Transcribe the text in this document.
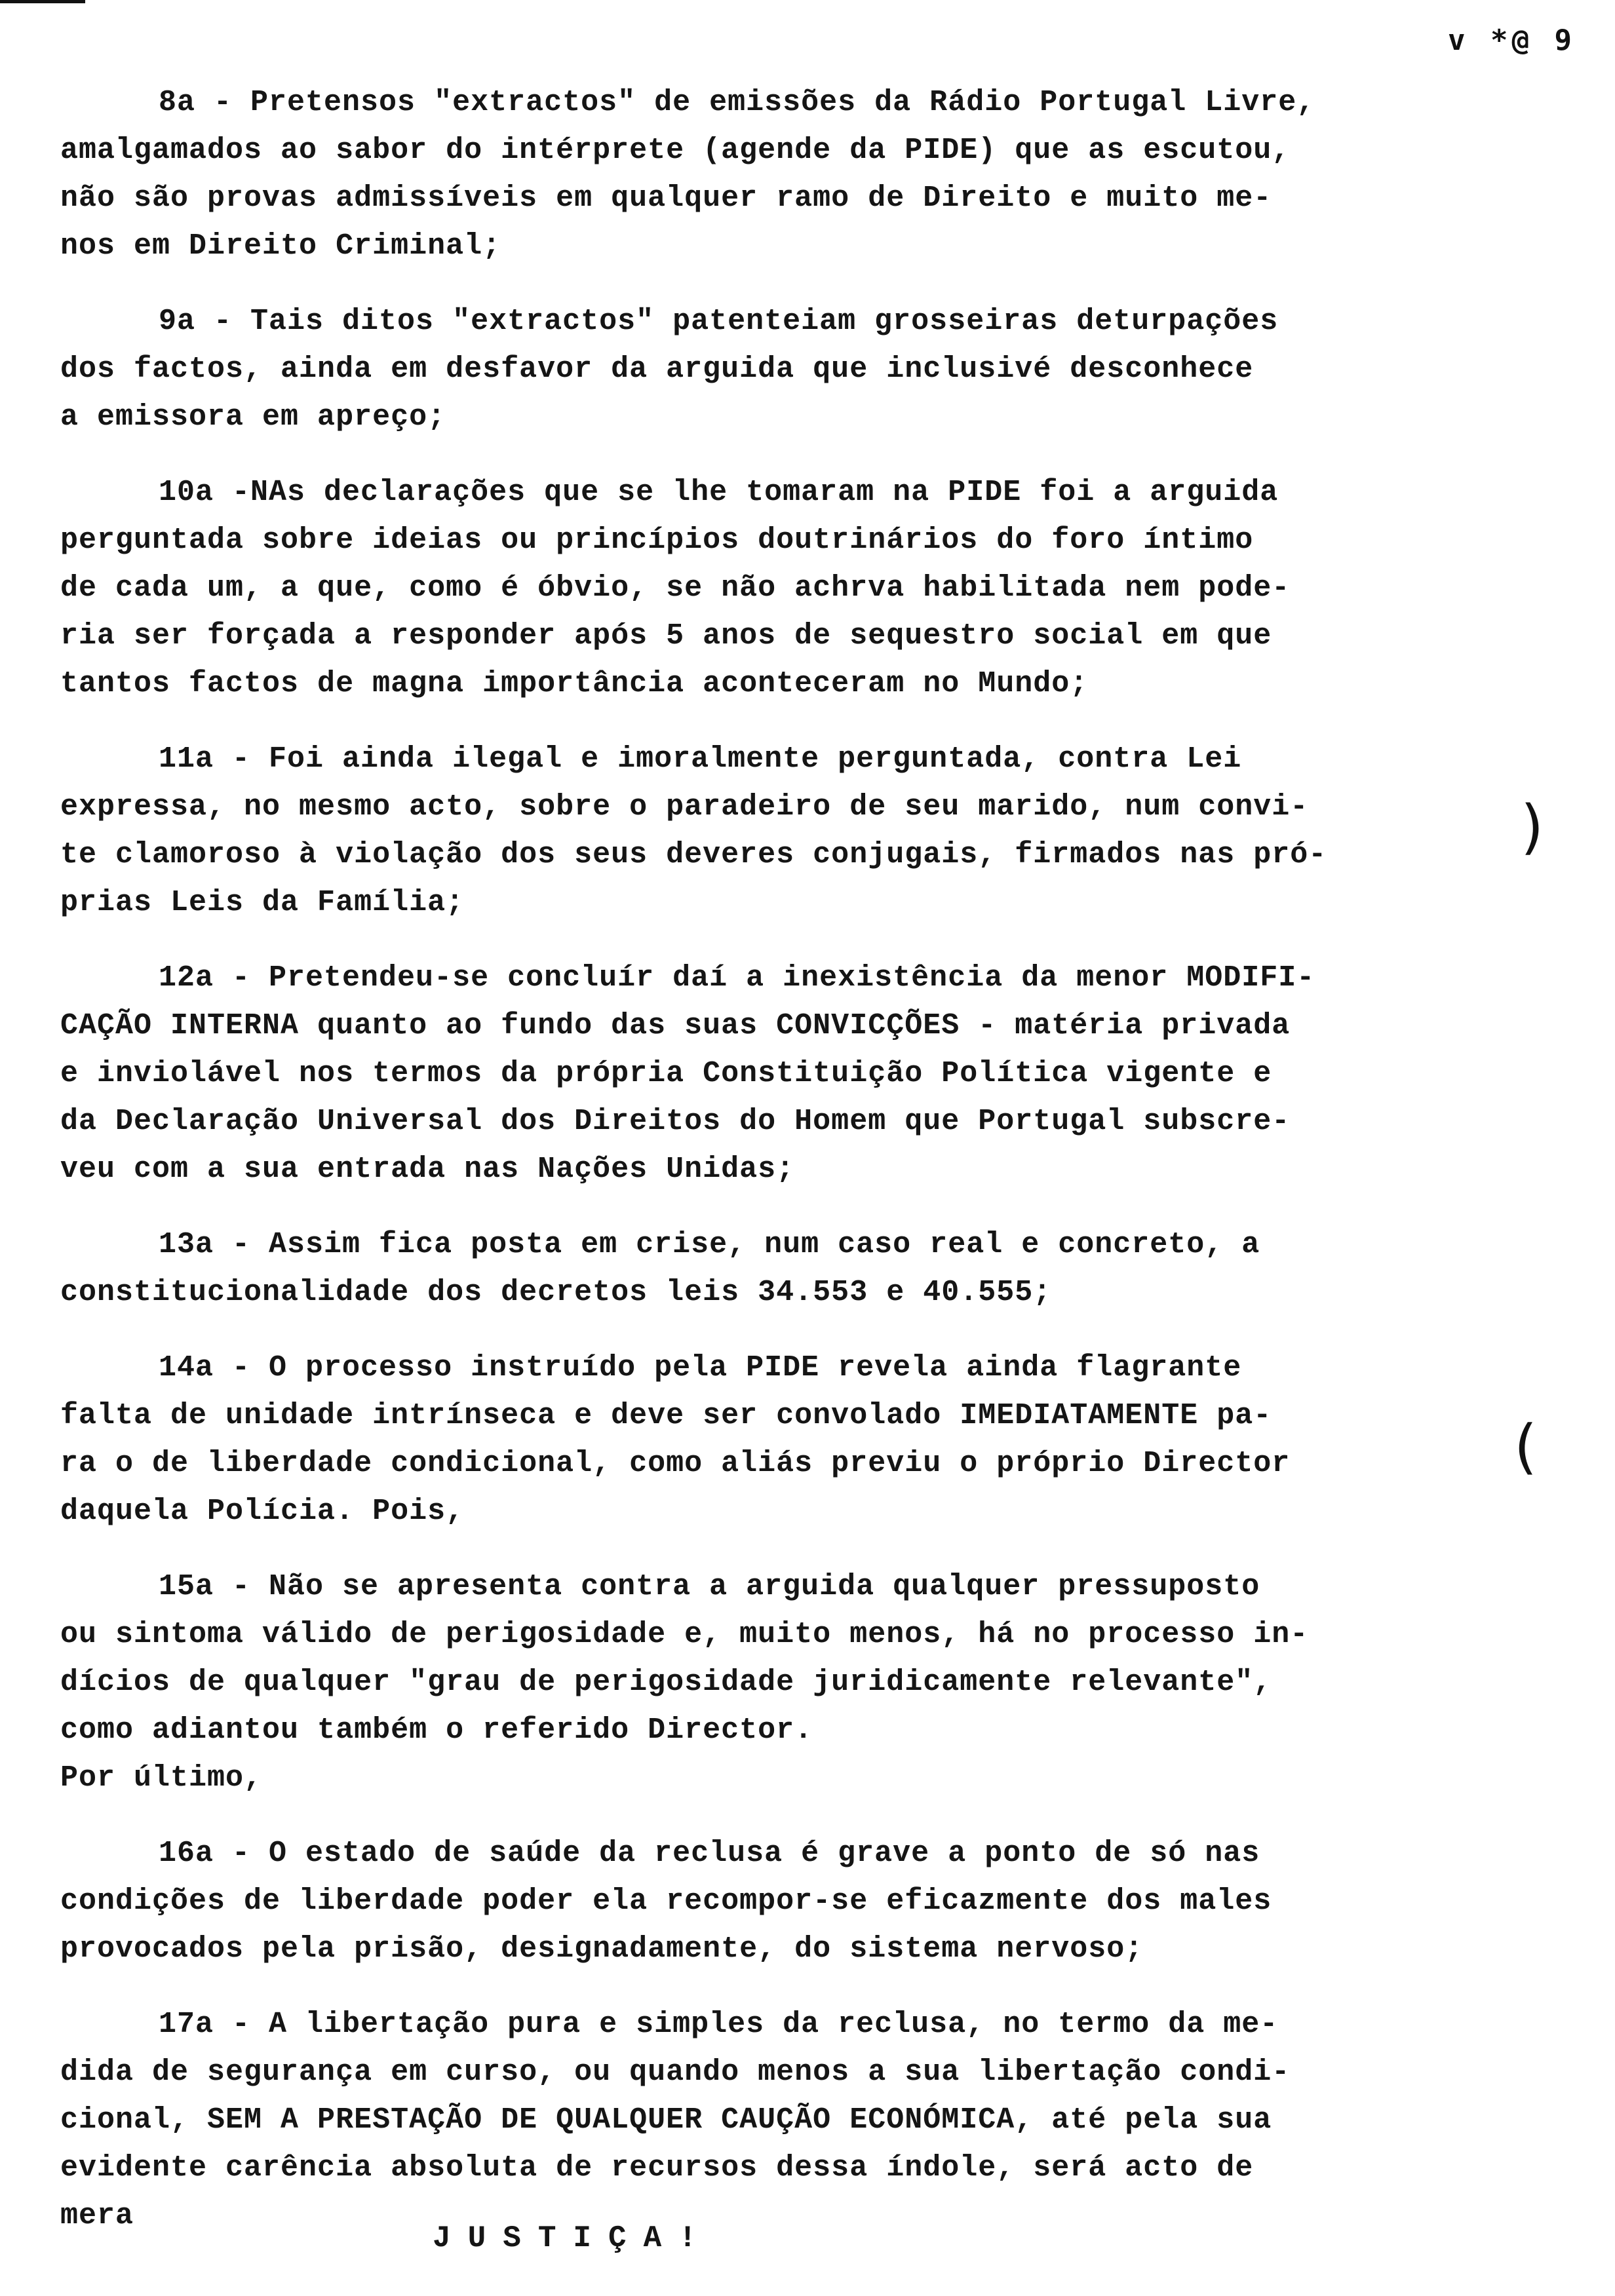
v *@ 9
8a - Pretensos "extractos" de emissões da Rádio Portugal Livre,
amalgamados ao sabor do intérprete (agende da PIDE) que as escutou,
não são provas admissíveis em qualquer ramo de Direito e muito me-
nos em Direito Criminal;
9a - Tais ditos "extractos" patenteiam grosseiras deturpações
dos factos, ainda em desfavor da arguida que inclusivé desconhece
a emissora em apreço;
10a -NAs declarações que se lhe tomaram na PIDE foi a arguida
perguntada sobre ideias ou princípios doutrinários do foro íntimo
de cada um, a que, como é óbvio, se não achrva habilitada nem pode-
ria ser forçada a responder após 5 anos de sequestro social em que
tantos factos de magna importância aconteceram no Mundo;
11a - Foi ainda ilegal e imoralmente perguntada, contra Lei
expressa, no mesmo acto, sobre o paradeiro de seu marido, num convi-
te clamoroso à violação dos seus deveres conjugais, firmados nas pró-
prias Leis da Família;
12a - Pretendeu-se concluír daí a inexistência da menor MODIFI-
CAÇÃO INTERNA quanto ao fundo das suas CONVICÇÕES - matéria privada
e inviolável nos termos da própria Constituição Política vigente e
da Declaração Universal dos Direitos do Homem que Portugal subscre-
veu com a sua entrada nas Nações Unidas;
13a - Assim fica posta em crise, num caso real e concreto, a
constitucionalidade dos decretos leis 34.553 e 40.555;
14a - O processo instruído pela PIDE revela ainda flagrante
falta de unidade intrínseca e deve ser convolado IMEDIATAMENTE pa-
ra o de liberdade condicional, como aliás previu o próprio Director
daquela Polícia. Pois,
15a - Não se apresenta contra a arguida qualquer pressuposto
ou sintoma válido de perigosidade e, muito menos, há no processo in-
dícios de qualquer "grau de perigosidade juridicamente relevante",
como adiantou também o referido Director.
Por último,
16a - O estado de saúde da reclusa é grave a ponto de só nas
condições de liberdade poder ela recompor-se eficazmente dos males
provocados pela prisão, designadamente, do sistema nervoso;
17a - A libertação pura e simples da reclusa, no termo da me-
dida de segurança em curso, ou quando menos a sua libertação condi-
cional, SEM A PRESTAÇÃO DE QUALQUER CAUÇÃO ECONÓMICA, até pela sua
evidente carência absoluta de recursos dessa índole, será acto de
mera
JUSTIÇA!
)
)
